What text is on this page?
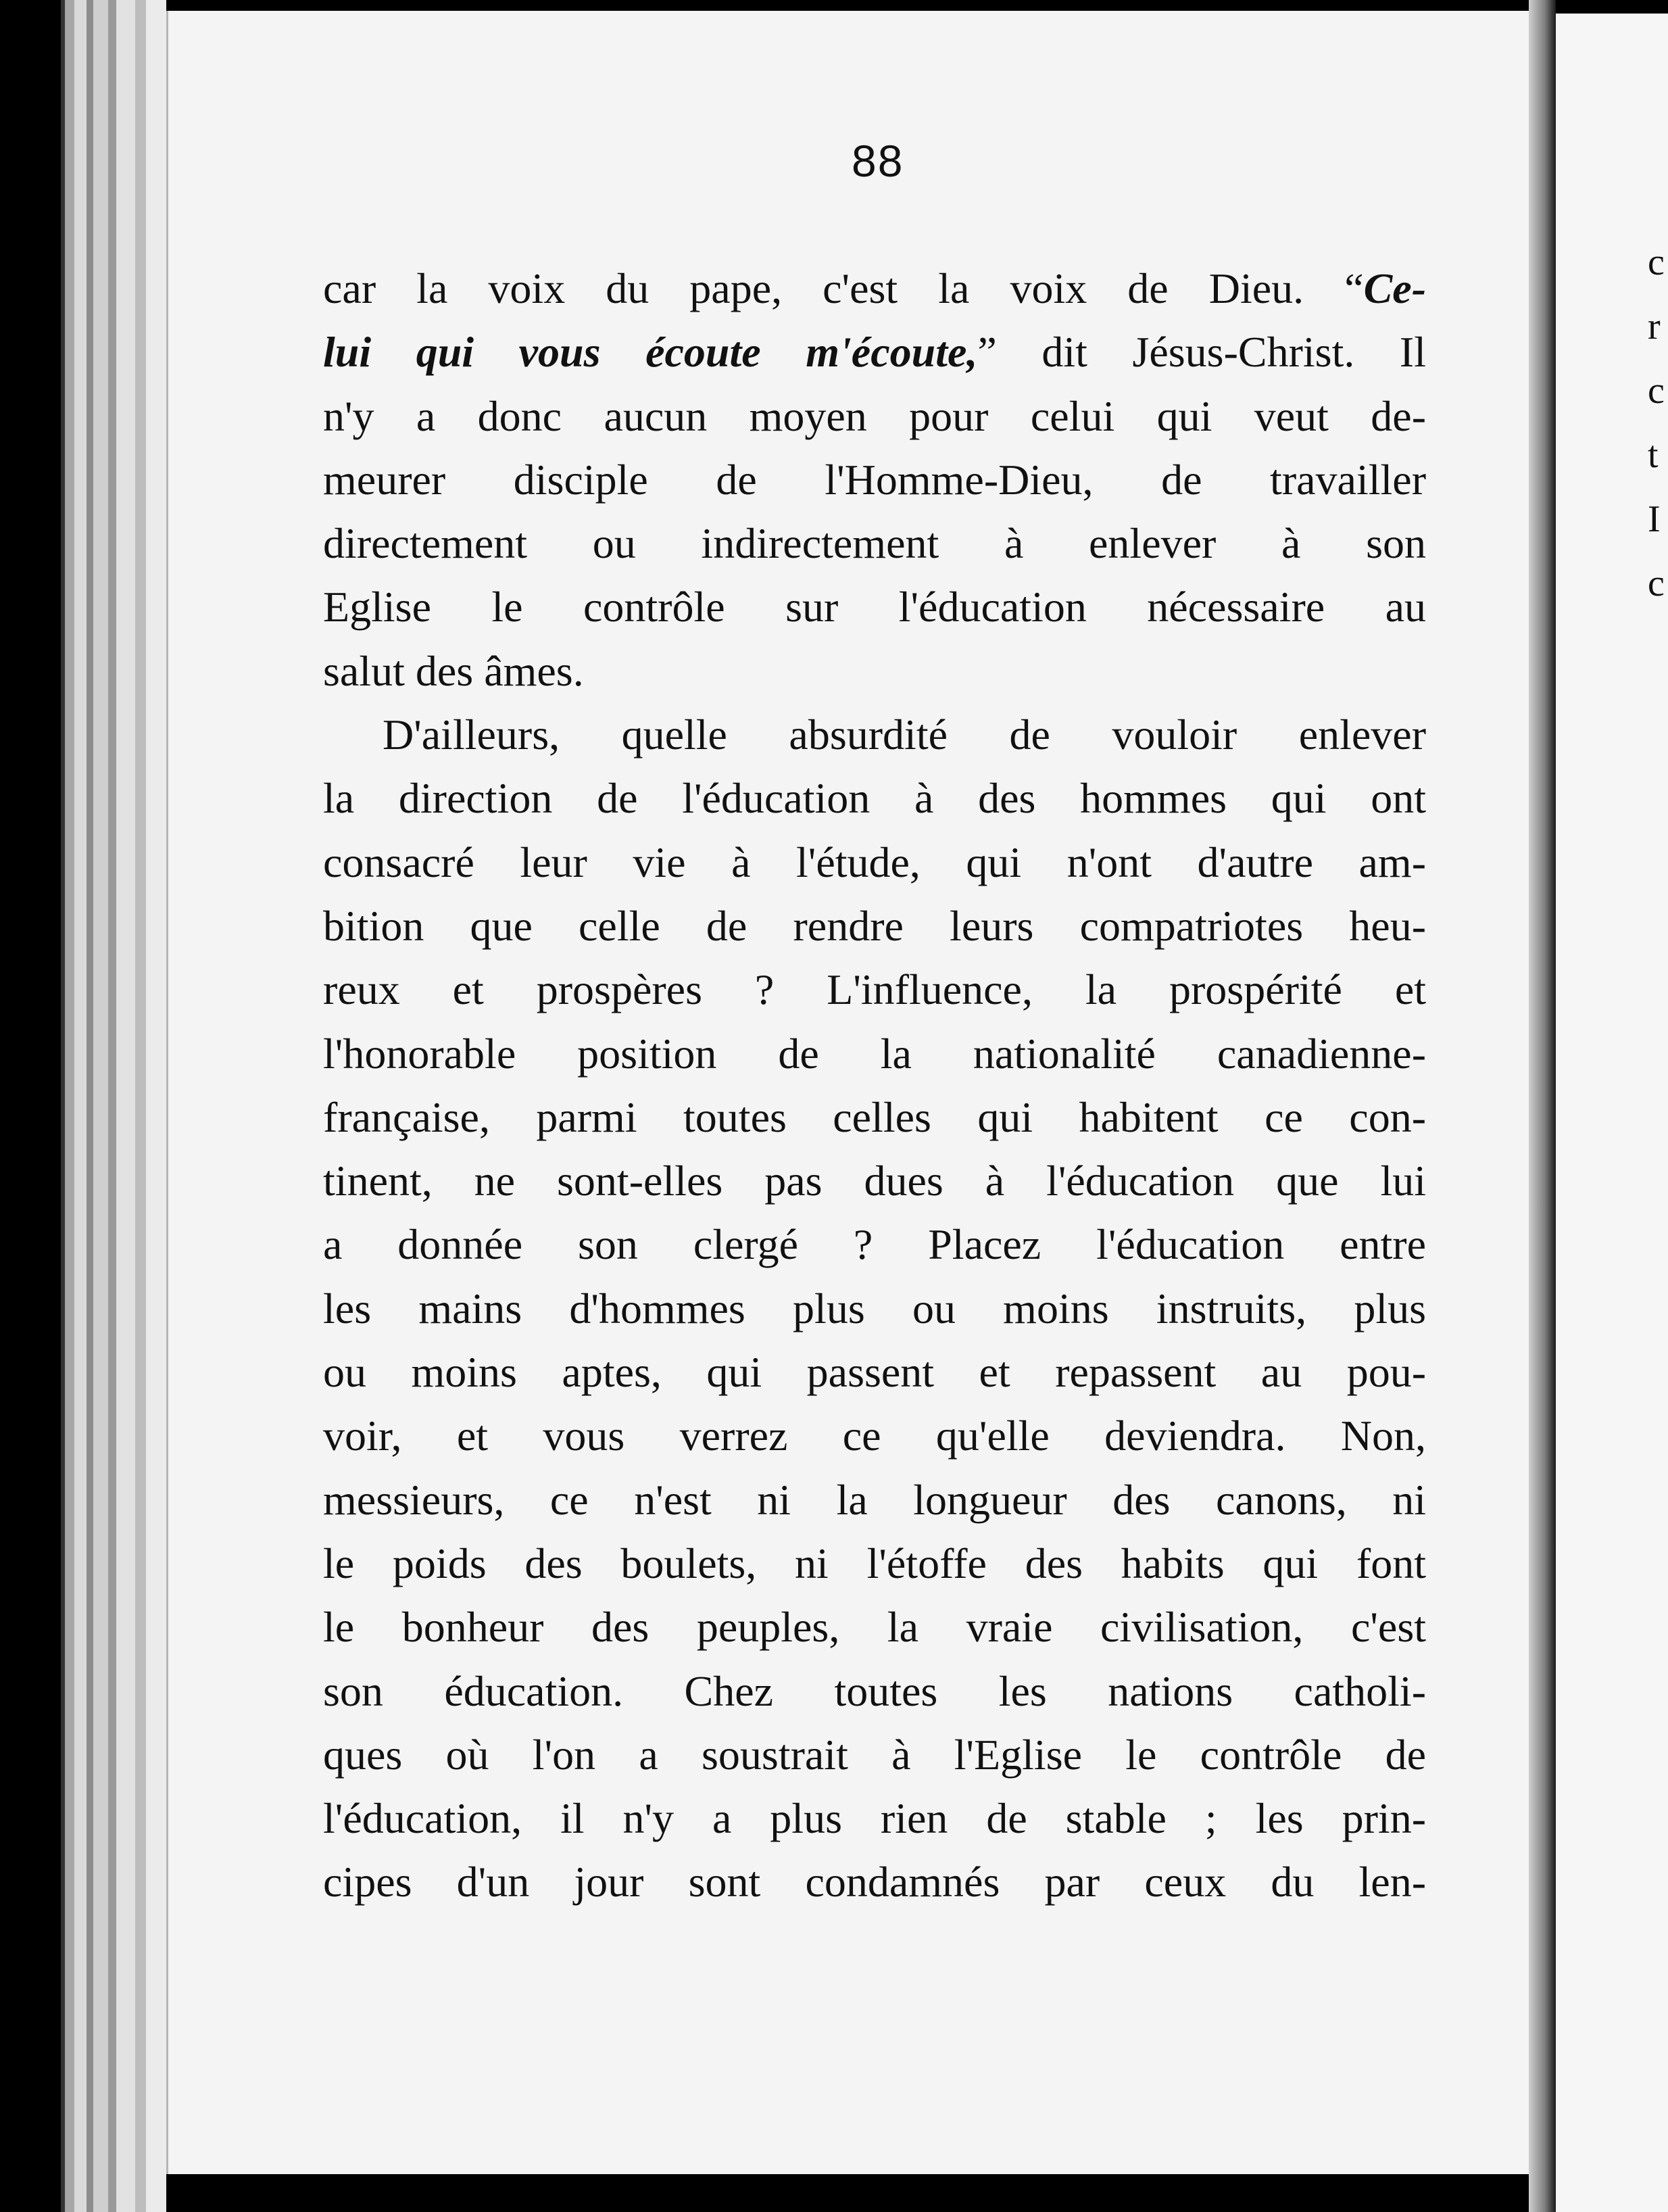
88
car la voix du pape, c'est la voix de Dieu. “Ce-
lui qui vous écoute m'écoute,” dit Jésus-Christ. Il
n'y a donc aucun moyen pour celui qui veut de-
meurer disciple de l'Homme-Dieu, de travailler
directement ou indirectement à enlever à son
Eglise le contrôle sur l'éducation nécessaire au
salut des âmes.
D'ailleurs, quelle absurdité de vouloir enlever
la direction de l'éducation à des hommes qui ont
consacré leur vie à l'étude, qui n'ont d'autre am-
bition que celle de rendre leurs compatriotes heu-
reux et prospères ? L'influence, la prospérité et
l'honorable position de la nationalité canadienne-
française, parmi toutes celles qui habitent ce con-
tinent, ne sont-elles pas dues à l'éducation que lui
a donnée son clergé ? Placez l'éducation entre
les mains d'hommes plus ou moins instruits, plus
ou moins aptes, qui passent et repassent au pou-
voir, et vous verrez ce qu'elle deviendra. Non,
messieurs, ce n'est ni la longueur des canons, ni
le poids des boulets, ni l'étoffe des habits qui font
le bonheur des peuples, la vraie civilisation, c'est
son éducation. Chez toutes les nations catholi-
ques où l'on a soustrait à l'Eglise le contrôle de
l'éducation, il n'y a plus rien de stable ; les prin-
cipes d'un jour sont condamnés par ceux du len-
c
r
c
t
I
c
